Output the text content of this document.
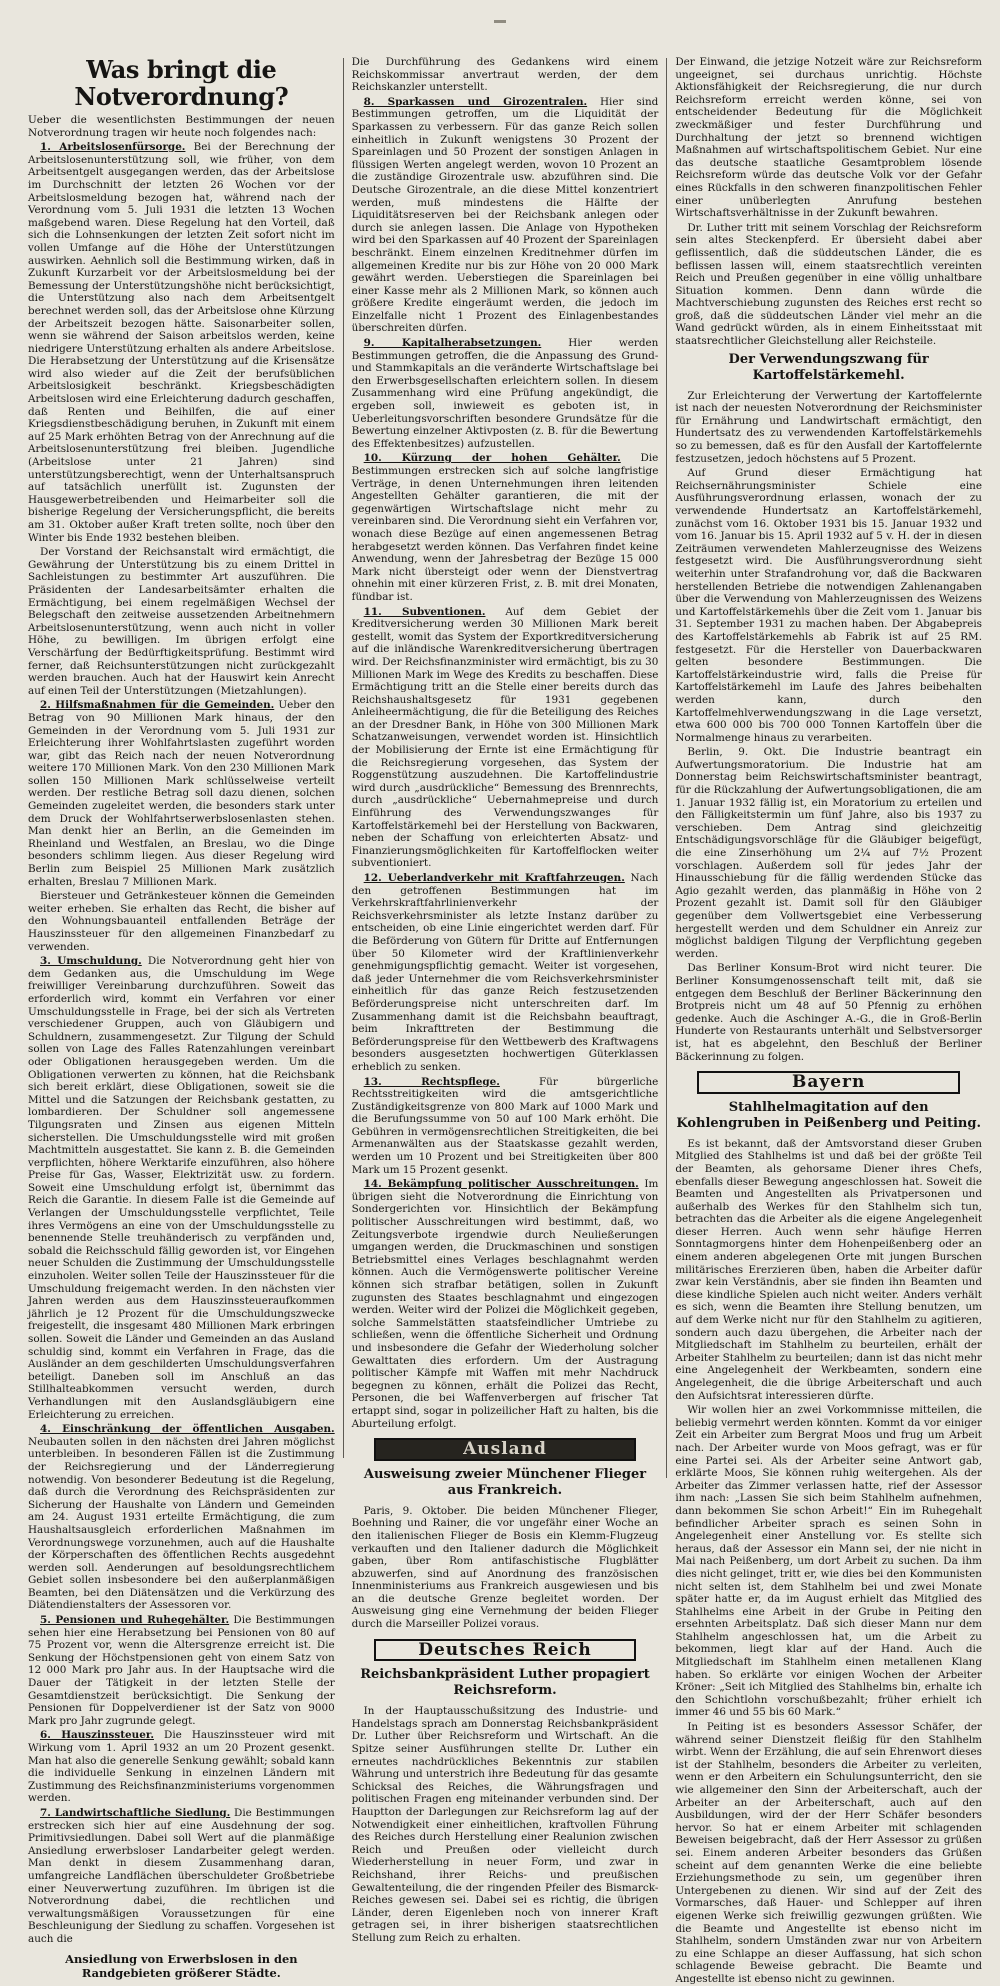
Was bringt die Notverordnung?

Ueber die wesentlichsten Bestimmungen der neuen Notverordnung tragen wir heute noch folgendes nach:

1. Arbeitslosenfürsorge. Bei der Berechnung der Arbeitslosenunterstützung soll, wie früher, von dem Arbeitsentgelt ausgegangen werden, das der Arbeitslose im Durchschnitt der letzten 26 Wochen vor der Arbeitslosmeldung bezogen hat, während nach der Verordnung vom 5. Juli 1931 die letzten 13 Wochen maßgebend waren. Diese Regelung hat den Vorteil, daß sich die Lohnsenkungen der letzten Zeit sofort nicht im vollen Umfange auf die Höhe der Unterstützungen auswirken. Aehnlich soll die Bestimmung wirken, daß in Zukunft Kurzarbeit vor der Arbeitslosmeldung bei der Bemessung der Unterstützungshöhe nicht berücksichtigt, die Unterstützung also nach dem Arbeitsentgelt berechnet werden soll, das der Arbeitslose ohne Kürzung der Arbeitszeit bezogen hätte. Saisonarbeiter sollen, wenn sie während der Saison arbeitslos werden, keine niedrigere Unterstützung erhalten als andere Arbeitslose. Die Herabsetzung der Unterstützung auf die Krisensätze wird also wieder auf die Zeit der berufsüblichen Arbeitslosigkeit beschränkt. Kriegsbeschädigten Arbeitslosen wird eine Erleichterung dadurch geschaffen, daß Renten und Beihilfen, die auf einer Kriegsdienstbeschädigung beruhen, in Zukunft mit einem auf 25 Mark erhöhten Betrag von der Anrechnung auf die Arbeitslosenunterstützung frei bleiben. Jugendliche (Arbeitslose unter 21 Jahren) sind unterstützungsberechtigt, wenn der Unterhaltsanspruch auf tatsächlich unerfüllt ist. Zugunsten der Hausgewerbetreibenden und Heimarbeiter soll die bisherige Regelung der Versicherungspflicht, die bereits am 31. Oktober außer Kraft treten sollte, noch über den Winter bis Ende 1932 bestehen bleiben.

Der Vorstand der Reichsanstalt wird ermächtigt, die Gewährung der Unterstützung bis zu einem Drittel in Sachleistungen zu bestimmter Art auszuführen. Die Präsidenten der Landesarbeitsämter erhalten die Ermächtigung, bei einem regelmäßigen Wechsel der Belegschaft den zeitweise aussetzenden Arbeitnehmern Arbeitslosenunterstützung, wenn auch nicht in voller Höhe, zu bewilligen. Im übrigen erfolgt eine Verschärfung der Bedürftigkeitsprüfung. Bestimmt wird ferner, daß Reichsunterstützungen nicht zurückgezahlt werden brauchen. Auch hat der Hauswirt kein Anrecht auf einen Teil der Unterstützungen (Mietzahlungen).

2. Hilfsmaßnahmen für die Gemeinden. Ueber den Betrag von 90 Millionen Mark hinaus, der den Gemeinden in der Verordnung vom 5. Juli 1931 zur Erleichterung ihrer Wohlfahrtslasten zugeführt worden war, gibt das Reich nach der neuen Notverordnung weitere 170 Millionen Mark. Von den 230 Millionen Mark sollen 150 Millionen Mark schlüsselweise verteilt werden. Der restliche Betrag soll dazu dienen, solchen Gemeinden zugeleitet werden, die besonders stark unter dem Druck der Wohlfahrtserwerbslosenlasten stehen. Man denkt hier an Berlin, an die Gemeinden im Rheinland und Westfalen, an Breslau, wo die Dinge besonders schlimm liegen. Aus dieser Regelung wird Berlin zum Beispiel 25 Millionen Mark zusätzlich erhalten, Breslau 7 Millionen Mark.

Biersteuer und Getränkesteuer können die Gemeinden weiter erheben. Sie erhalten das Recht, die bisher auf den Wohnungsbauanteil entfallenden Beträge der Hauszinssteuer für den allgemeinen Finanzbedarf zu verwenden.

3. Umschuldung. Die Notverordnung geht hier von dem Gedanken aus, die Umschuldung im Wege freiwilliger Vereinbarung durchzuführen. Soweit das erforderlich wird, kommt ein Verfahren vor einer Umschuldungsstelle in Frage, bei der sich als Vertreten verschiedener Gruppen, auch von Gläubigern und Schuldnern, zusammengesetzt. Zur Tilgung der Schuld sollen von Lage des Falles Ratenzahlungen vereinbart oder Obligationen herausgegeben werden. Um die Obligationen verwerten zu können, hat die Reichsbank sich bereit erklärt, diese Obligationen, soweit sie die Mittel und die Satzungen der Reichsbank gestatten, zu lombardieren. Der Schuldner soll angemessene Tilgungsraten und Zinsen aus eigenen Mitteln sicherstellen. Die Umschuldungsstelle wird mit großen Machtmitteln ausgestattet. Sie kann z. B. die Gemeinden verpflichten, höhere Werktarife einzuführen, also höhere Preise für Gas, Wasser, Elektrizität usw. zu fordern. Soweit eine Umschuldung erfolgt ist, übernimmt das Reich die Garantie. In diesem Falle ist die Gemeinde auf Verlangen der Umschuldungsstelle verpflichtet, Teile ihres Vermögens an eine von der Umschuldungsstelle zu benennende Stelle treuhänderisch zu verpfänden und, sobald die Reichsschuld fällig geworden ist, vor Eingehen neuer Schulden die Zustimmung der Umschuldungsstelle einzuholen. Weiter sollen Teile der Hauszinssteuer für die Umschuldung freigemacht werden. In den nächsten vier Jahren werden aus dem Hauszinssteueraufkommen jährlich je 12 Prozent für die Umschuldungszwecke freigestellt, die insgesamt 480 Millionen Mark erbringen sollen. Soweit die Länder und Gemeinden an das Ausland schuldig sind, kommt ein Verfahren in Frage, das die Ausländer an dem geschilderten Umschuldungsverfahren beteiligt. Daneben soll im Anschluß an das Stillhalteabkommen versucht werden, durch Verhandlungen mit den Auslandsgläubigern eine Erleichterung zu erreichen.

4. Einschränkung der öffentlichen Ausgaben. Neubauten sollen in den nächsten drei Jahren möglichst unterbleiben. In besonderen Fällen ist die Zustimmung der Reichsregierung und der Länderregierung notwendig. Von besonderer Bedeutung ist die Regelung, daß durch die Verordnung des Reichspräsidenten zur Sicherung der Haushalte von Ländern und Gemeinden am 24. August 1931 erteilte Ermächtigung, die zum Haushaltsausgleich erforderlichen Maßnahmen im Verordnungswege vorzunehmen, auch auf die Haushalte der Körperschaften des öffentlichen Rechts ausgedehnt werden soll. Aenderungen auf besoldungsrechtlichem Gebiet sollen insbesondere bei den außerplanmäßigen Beamten, bei den Diätensätzen und die Verkürzung des Diätendienstalters der Assessoren vor.

5. Pensionen und Ruhegehälter. Die Bestimmungen sehen hier eine Herabsetzung bei Pensionen von 80 auf 75 Prozent vor, wenn die Altersgrenze erreicht ist. Die Senkung der Höchstpensionen geht von einem Satz von 12 000 Mark pro Jahr aus. In der Hauptsache wird die Dauer der Tätigkeit in der letzten Stelle der Gesamtdienstzeit berücksichtigt. Die Senkung der Pensionen für Doppelverdiener ist der Satz von 9000 Mark pro Jahr zugrunde gelegt.

6. Hauszinssteuer. Die Hauszinssteuer wird mit Wirkung vom 1. April 1932 an um 20 Prozent gesenkt. Man hat also die generelle Senkung gewählt; sobald kann die individuelle Senkung in einzelnen Ländern mit Zustimmung des Reichsfinanzministeriums vorgenommen werden.

7. Landwirtschaftliche Siedlung. Die Bestimmungen erstrecken sich hier auf eine Ausdehnung der sog. Primitivsiedlungen. Dabei soll Wert auf die planmäßige Ansiedlung erwerbsloser Landarbeiter gelegt werden. Man denkt in diesem Zusammenhang daran, umfangreiche Landflächen überschuldeter Großbetriebe einer Neuverwertung zuzuführen. Im übrigen ist die Notverordnung dabei, die rechtlichen und verwaltungsmäßigen Voraussetzungen für eine Beschleunigung der Siedlung zu schaffen. Vorgesehen ist auch die

Ansiedlung von Erwerbslosen in den Randgebieten größerer Städte.

Die Durchführung des Gedankens wird einem Reichskommissar anvertraut werden, der dem Reichskanzler unterstellt.

8. Sparkassen und Girozentralen. Hier sind Bestimmungen getroffen, um die Liquidität der Sparkassen zu verbessern. Für das ganze Reich sollen einheitlich in Zukunft wenigstens 30 Prozent der Spareinlagen und 50 Prozent der sonstigen Anlagen in flüssigen Werten angelegt werden, wovon 10 Prozent an die zuständige Girozentrale usw. abzuführen sind. Die Deutsche Girozentrale, an die diese Mittel konzentriert werden, muß mindestens die Hälfte der Liquiditätsreserven bei der Reichsbank anlegen oder durch sie anlegen lassen. Die Anlage von Hypotheken wird bei den Sparkassen auf 40 Prozent der Spareinlagen beschränkt. Einem einzelnen Kreditnehmer dürfen im allgemeinen Kredite nur bis zur Höhe von 20 000 Mark gewährt werden. Ueberstiegen die Spareinlagen bei einer Kasse mehr als 2 Millionen Mark, so können auch größere Kredite eingeräumt werden, die jedoch im Einzelfalle nicht 1 Prozent des Einlagenbestandes überschreiten dürfen.

9. Kapitalherabsetzungen.	Hier werden Bestimmungen getroffen, die die Anpassung des Grund- und Stammkapitals an die veränderte Wirtschaftslage bei den Erwerbsgesellschaften erleichtern sollen. In diesem Zusammenhang wird eine Prüfung angekündigt, die ergeben soll, inwieweit es geboten ist, in Ueberleitungsvorschriften besondere Grundsätze für die Bewertung einzelner Aktivposten (z. B. für die Bewertung des Effektenbesitzes) aufzustellen.

10. Kürzung der hohen Gehälter. Die Bestimmungen erstrecken sich auf solche langfristige Verträge, in denen Unternehmungen ihren leitenden Angestellten Gehälter garantieren, die mit der gegenwärtigen Wirtschaftslage nicht mehr zu vereinbaren sind. Die Verordnung sieht ein Verfahren vor, wonach diese Bezüge auf einen angemessenen Betrag herabgesetzt werden können. Das Verfahren findet keine Anwendung, wenn der Jahresbetrag der Bezüge 15 000 Mark nicht übersteigt oder wenn der Dienstvertrag ohnehin mit einer kürzeren Frist, z. B. mit drei Monaten, fündbar ist.

11. Subventionen. Auf dem Gebiet der Kreditversicherung werden 30 Millionen Mark bereit gestellt, womit das System der Exportkreditversicherung auf die inländische Warenkreditversicherung übertragen wird. Der Reichsfinanzminister wird ermächtigt, bis zu 30 Millionen Mark im Wege des Kredits zu beschaffen. Diese Ermächtigung tritt an die Stelle einer bereits durch das Reichshaushaltsgesetz für 1931 gegebenen Anleiheermächtigung, die für die Beteiligung des Reiches an der Dresdner Bank, in Höhe von 300 Millionen Mark Schatzanweisungen, verwendet worden ist. Hinsichtlich der Mobilisierung der Ernte ist eine Ermächtigung für die Reichsregierung vorgesehen, das System der Roggenstützung auszudehnen. Die Kartoffelindustrie wird durch „ausdrückliche“ Bemessung des Brennrechts, durch „ausdrückliche“ Uebernahmepreise und durch Einführung des Verwendungszwanges für Kartoffelstärkemehl bei der Herstellung von Backwaren, neben der Schaffung von erleichterten Absatz- und Finanzierungsmöglichkeiten für Kartoffelflocken weiter subventioniert.

12. Ueberlandverkehr mit Kraftfahrzeugen. Nach den getroffenen Bestimmungen hat im Verkehrskraftfahrlinienverkehr der Reichsverkehrsminister als letzte Instanz darüber zu entscheiden, ob eine Linie eingerichtet werden darf. Für die Beförderung von Gütern für Dritte auf Entfernungen über 50 Kilometer wird der Kraftlinienverkehr genehmigungspflichtig gemacht. Weiter ist vorgesehen, daß jeder Unternehmer die vom Reichsverkehrsminister einheitlich für das ganze Reich festzusetzenden Beförderungspreise nicht unterschreiten darf. Im Zusammenhang damit ist die Reichsbahn beauftragt, beim Inkrafttreten der Bestimmung die Beförderungspreise für den Wettbewerb des Kraftwagens besonders ausgesetzten hochwertigen Güterklassen erheblich zu senken.

13. Rechtspflege.	Für bürgerliche Rechtsstreitigkeiten wird die amtsgerichtliche Zuständigkeitsgrenze von 800 Mark auf 1000 Mark und die Berufungssumme von 50 auf 100 Mark erhöht. Die Gebühren in vermögensrechtlichen Streitigkeiten, die bei Armenanwälten aus der Staatskasse gezahlt werden, werden um 10 Prozent und bei Streitigkeiten über 800 Mark um 15 Prozent gesenkt.

14. Bekämpfung politischer Ausschreitungen. Im übrigen sieht die Notverordnung die Einrichtung von Sondergerichten vor. Hinsichtlich der Bekämpfung politischer Ausschreitungen wird bestimmt, daß, wo Zeitungsverbote irgendwie durch Neuließerungen umgangen werden, die Druckmaschinen und sonstigen Betriebsmittel eines Verlages beschlagnahmt werden können. Auch die Vermögenswerte politischer Vereine können sich strafbar betätigen, sollen in Zukunft zugunsten des Staates beschlagnahmt und eingezogen werden. Weiter wird der Polizei die Möglichkeit gegeben, solche Sammelstätten staatsfeindlicher Umtriebe zu schließen, wenn die öffentliche Sicherheit und Ordnung und insbesondere die Gefahr der Wiederholung solcher Gewalttaten dies erfordern. Um der Austragung politischer Kämpfe mit Waffen mit mehr Nachdruck begegnen zu können, erhält die Polizei das Recht, Personen, die bei Waffenverbergen auf frischer Tat ertappt sind, sogar in polizeilicher Haft zu halten, bis die Aburteilung erfolgt.

Ausland
Ausweisung zweier Münchener Flieger aus Frankreich.

Paris, 9. Oktober. Die beiden Münchener Flieger, Boehning und Rainer, die vor ungefähr einer Woche an den italienischen Flieger de Bosis ein Klemm-Flugzeug verkauften und den Italiener dadurch die Möglichkeit gaben, über Rom antifaschistische Flugblätter abzuwerfen, sind auf Anordnung des französischen Innenministeriums aus Frankreich ausgewiesen und bis an die deutsche Grenze begleitet worden. Der Ausweisung ging eine Vernehmung der beiden Flieger durch die Marseiller Polizei voraus.

Deutsches Reich
Reichsbankpräsident Luther propagiert Reichsreform.

In der Hauptausschußsitzung des Industrie- und Handelstags sprach am Donnerstag Reichsbankpräsident Dr. Luther über Reichsreform und Wirtschaft. An die Spitze seiner Ausführungen stellte Dr. Luther ein erneutes nachdrückliches Bekenntnis zur stabilen Währung und unterstrich ihre Bedeutung für das gesamte Schicksal des Reiches, die Währungsfragen und politischen Fragen eng miteinander verbunden sind. Der Hauptton der Darlegungen zur Reichsreform lag auf der Notwendigkeit einer einheitlichen, kraftvollen Führung des Reiches durch Herstellung einer Realunion zwischen Reich und Preußen oder vielleicht durch Wiederherstellung in neuer Form, und zwar in Reichshand, ihrer Reichs- und preußischen Gewaltenteilung, die der ringenden Pfeiler des Bismarck-Reiches gewesen sei. Dabei sei es richtig, die übrigen Länder, deren Eigenleben noch von innerer Kraft getragen sei, in ihrer bisherigen staatsrechtlichen Stellung zum Reich zu erhalten.

Der Einwand, die jetzige Notzeit wäre zur Reichsreform ungeeignet, sei durchaus unrichtig. Höchste Aktionsfähigkeit der Reichsregierung, die nur durch Reichsreform erreicht werden könne, sei von entscheidender Bedeutung für die Möglichkeit zweckmäßiger und fester Durchführung und Durchhaltung der jetzt so brennend wichtigen Maßnahmen auf wirtschaftspolitischem Gebiet. Nur eine das deutsche staatliche Gesamtproblem lösende Reichsreform würde das deutsche Volk vor der Gefahr eines Rückfalls in den schweren finanzpolitischen Fehler einer unüberlegten Anrufung bestehen Wirtschaftsverhältnisse in der Zukunft bewahren.

Dr. Luther tritt mit seinem Vorschlag der Reichsreform sein altes Steckenpferd. Er übersieht dabei aber geflissentlich, daß die süddeutschen Länder, die es beflissen lassen will, einem staatsrechtlich vereinten Reich und Preußen gegenüber in eine völlig unhaltbare Situation kommen. Denn dann würde die Machtverschiebung zugunsten des Reiches erst recht so groß, daß die süddeutschen Länder viel mehr an die Wand gedrückt würden, als in einem Einheitsstaat mit staatsrechtlicher Gleichstellung aller Reichsteile.

Der Verwendungszwang für Kartoffelstärkemehl.

Zur Erleichterung der Verwertung der Kartoffelernte ist nach der neuesten Notverordnung der Reichsminister für Ernährung und Landwirtschaft ermächtigt, den Hundertsatz des zu verwendenden Kartoffelstärkemehls so zu bemessen, daß es für den Ausfall der Kartoffelernte festzusetzen, jedoch höchstens auf 5 Prozent.

Auf Grund dieser Ermächtigung hat Reichsernährungsminister Schiele eine Ausführungsverordnung erlassen, wonach der zu verwendende Hundertsatz an Kartoffelstärkemehl, zunächst vom 16. Oktober 1931 bis 15. Januar 1932 und vom 16. Januar bis 15. April 1932 auf 5 v. H. der in diesen Zeiträumen verwendeten Mahlerzeugnisse des Weizens festgesetzt wird. Die Ausführungsverordnung sieht weiterhin unter Strafandrohung vor, daß die Backwaren herstellenden Betriebe die notwendigen Zahlenangaben über die Verwendung von Mahlerzeugnissen des Weizens und Kartoffelstärkemehls über die Zeit vom 1. Januar bis 31. September 1931 zu machen haben. Der Abgabepreis des Kartoffelstärkemehls ab Fabrik ist auf 25 RM. festgesetzt. Für die Hersteller von Dauerbackwaren gelten besondere Bestimmungen. Die Kartoffelstärkeindustrie wird, falls die Preise für Kartoffelstärkemehl im Laufe des Jahres beibehalten werden kann, durch den Kartoffelmehlverwendungszwang in die Lage versetzt, etwa 600 000 bis 700 000 Tonnen Kartoffeln über die Normalmenge hinaus zu verarbeiten.

Berlin, 9. Okt. Die Industrie beantragt ein Aufwertungsmoratorium. Die Industrie hat am Donnerstag beim Reichswirtschaftsminister beantragt, für die Rückzahlung der Aufwertungsobligationen, die am 1. Januar 1932 fällig ist, ein Moratorium zu erteilen und den Fälligkeitstermin um fünf Jahre, also bis 1937 zu verschieben. Dem Antrag sind gleichzeitig Entschädigungsvorschläge für die Gläubiger beigefügt, die eine Zinserhöhung um 2¼ auf 7½ Prozent vorschlagen. Außerdem soll für jedes Jahr der Hinausschiebung für die fällig werdenden Stücke das Agio gezahlt werden, das planmäßig in Höhe von 2 Prozent gezahlt ist. Damit soll für den Gläubiger gegenüber dem Vollwertsgebiet eine Verbesserung hergestellt werden und dem Schuldner ein Anreiz zur möglichst baldigen Tilgung der Verpflichtung gegeben werden.

Das Berliner Konsum-Brot wird nicht teurer. Die Berliner Konsumgenossenschaft teilt mit, daß sie entgegen dem Beschluß der Berliner Bäckerinnung den Brotpreis nicht um 48 auf 50 Pfennig zu erhöhen gedenke. Auch die Aschinger A.-G., die in Groß-Berlin Hunderte von Restaurants unterhält und Selbstversorger ist, hat es abgelehnt, den Beschluß der Berliner Bäckerinnung zu folgen.

Bayern
Stahlhelmagitation auf den Kohlengruben in Peißenberg und Peiting.

Es ist bekannt, daß der Amtsvorstand dieser Gruben Mitglied des Stahlhelms ist und daß bei der größte Teil der Beamten, als gehorsame Diener ihres Chefs, ebenfalls dieser Bewegung angeschlossen hat. Soweit die Beamten und Angestellten als Privatpersonen und außerhalb des Werkes für den Stahlhelm sich tun, betrachten das die Arbeiter als die eigene Angelegenheit dieser Herren. Auch wenn sehr häufige Herren Sonntagmorgens hinter dem Hohenpeißenberg oder an einem anderen abgelegenen Orte mit jungen Burschen militärisches Ererzieren üben, haben die Arbeiter dafür zwar kein Verständnis, aber sie finden ihn Beamten und diese kindliche Spielen auch nicht weiter. Anders verhält es sich, wenn die Beamten ihre Stellung benutzen, um auf dem Werke nicht nur für den Stahlhelm zu agitieren, sondern auch dazu übergehen, die Arbeiter nach der Mitgliedschaft im Stahlhelm zu beurteilen, erhält der Arbeiter Stahlhelm zu beurteilen; dann ist das nicht mehr eine Angelegenheit der Werkbeamten, sondern eine Angelegenheit, die die übrige Arbeiterschaft und auch den Aufsichtsrat interessieren dürfte.

Wir wollen hier an zwei Vorkommnisse mitteilen, die beliebig vermehrt werden könnten. Kommt da vor einiger Zeit ein Arbeiter zum Bergrat Moos und frug um Arbeit nach. Der Arbeiter wurde von Moos gefragt, was er für eine Partei sei. Als der Arbeiter seine Antwort gab, erklärte Moos, Sie können ruhig weitergehen. Als der Arbeiter das Zimmer verlassen hatte, rief der Assessor ihm nach: „Lassen Sie sich beim Stahlhelm aufnehmen, dann bekommen Sie schon Arbeit!“ Ein im Ruhegehalt befindlicher Arbeiter sprach es seinen Sohn in Angelegenheit einer Anstellung vor. Es stellte sich heraus, daß der Assessor ein Mann sei, der nie nicht in Mai nach Peißenberg, um dort Arbeit zu suchen. Da ihm dies nicht gelinget, tritt er, wie dies bei den Kommunisten nicht selten ist, dem Stahlhelm bei und zwei Monate später hatte er, da im August erhielt das Mitglied des Stahlhelms eine Arbeit in der Grube in Peiting den ersehnten Arbeitsplatz. Daß sich dieser Mann nur dem Stahlhelm angeschlossen hat, um die Arbeit zu bekommen, liegt klar auf der Hand. Auch die Mitgliedschaft im Stahlhelm einen metallenen Klang haben. So erklärte vor einigen Wochen der Arbeiter Kröner: „Seit ich Mitglied des Stahlhelms bin, erhalte ich den Schichtlohn vorschußbezahlt; früher erhielt ich immer 46 und 55 bis 60 Mark.“

In Peiting ist es besonders Assessor Schäfer, der während seiner Dienstzeit fleißig für den Stahlhelm wirbt. Wenn der Erzählung, die auf sein Ehrenwort dieses ist der Stahlhelm, besonders die Arbeiter zu verleiten, wenn er den Arbeitern ein Schulungsunterricht, den sie wie allgemeiner den Sinn der Arbeiterschaft, auch der Arbeiter an der Arbeiterschaft, auch auf den Ausbildungen, wird der der Herr Schäfer besonders hervor. So hat er einem Arbeiter mit schlagenden Beweisen beigebracht, daß der Herr Assessor zu grüßen sei. Einem anderen Arbeiter besonders das Grüßen scheint auf dem genannten Werke die eine beliebte Erziehungsmethode zu sein, um gegenüber ihren Untergebenen zu dienen. Wir sind auf der Zeit des Vormarsches, daß Hauer- und Schlepper auf ihren eigenen Werke sich freiwillig gezwungen grüßten. Wie die Beamte und Angestellte ist ebenso nicht im Stahlhelm, sondern Umständen zwar nur von Arbeitern zu eine Schlappe an dieser Auffassung, hat sich schon schlagende Beweise gebracht. Die Beamte und Angestellte ist ebenso nicht zu gewinnen.
